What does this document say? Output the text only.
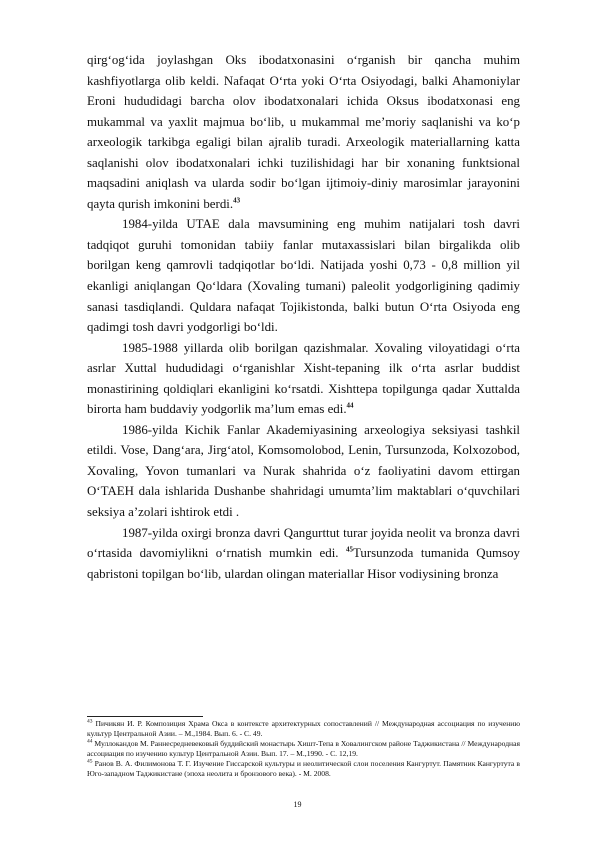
qirg‘og‘ida joylashgan Oks ibodatxonasini o‘rganish bir qancha muhim kashfiyotlarga olib keldi. Nafaqat O‘rta yoki O‘rta Osiyodagi, balki Ahamoniylar Eroni hududidagi barcha olov ibodatxonalari ichida Oksus ibodatxonasi eng mukammal va yaxlit majmua bo‘lib, u mukammal me’moriy saqlanishi va ko‘p arxeologik tarkibga egaligi bilan ajralib turadi. Arxeologik materiallarning katta saqlanishi olov ibodatxonalari ichki tuzilishidagi har bir xonaning funktsional maqsadini aniqlash va ularda sodir bo‘lgan ijtimoiy-diniy marosimlar jarayonini qayta qurish imkonini berdi.$^{43}$

1984-yilda UTAE dala mavsumining eng muhim natijalari tosh davri tadqiqot guruhi tomonidan tabiiy fanlar mutaxassislari bilan birgalikda olib borilgan keng qamrovli tadqiqotlar bo‘ldi. Natijada yoshi 0,73 - 0,8 million yil ekanligi aniqlangan Qo‘ldara (Xovaling tumani) paleolit yodgorligining qadimiy sanasi tasdiqlandi. Quldara nafaqat Tojikistonda, balki butun O‘rta Osiyoda eng qadimgi tosh davri yodgorligi bo‘ldi.

1985-1988 yillarda olib borilgan qazishmalar. Xovaling viloyatidagi o‘rta asrlar Xuttal hududidagi o‘rganishlar Xisht-tepaning ilk o‘rta asrlar buddist monastirining qoldiqlari ekanligini ko‘rsatdi. Xishttepa topilgunga qadar Xuttalda birorta ham buddaviy yodgorlik ma’lum emas edi.$^{44}$

1986-yilda Kichik Fanlar Akademiyasining arxeologiya seksiyasi tashkil etildi. Vose, Dang‘ara, Jirg‘atol, Komsomolobod, Lenin, Tursunzoda, Kolxozobod, Xovaling, Yovon tumanlari va Nurak shahrida o‘z faoliyatini davom ettirgan O‘TAEH dala ishlarida Dushanbe shahridagi umumta’lim maktablari o‘quvchilari seksiya a’zolari ishtirok etdi .

1987-yilda oxirgi bronza davri Qangurttut turar joyida neolit va bronza davri o‘rtasida davomiylikni o‘rnatish mumkin edi. $^{45}$Tursunzoda tumanida Qumsoy qabristoni topilgan bo‘lib, ulardan olingan materiallar Hisor vodiysining bronza

$^{43}$ Пичикян И. Р. Композиция Храма Окса в контексте архитектурных сопоставлений // Международная ассоциация по изучению культур Центральной Азии. – М.,1984. Вып. 6. - С. 49.

$^{44}$ Муллокандов М. Раннесредневековый буддийский монастырь Хишт-Тепа в Ховалингском районе Таджикистана // Международная ассоциация по изучению культур Центральной Азии. Вып. 17. – М.,1990. - С. 12,19.

$^{45}$ Ранов В. А. Филимонова Т. Г. Изучение Гиссарской культуры и неолитической слои поселения Кангуртут. Памятник Кангуртута в Юго-западном Таджикистане (эпоха неолита и бронзового века). - М. 2008.

19
